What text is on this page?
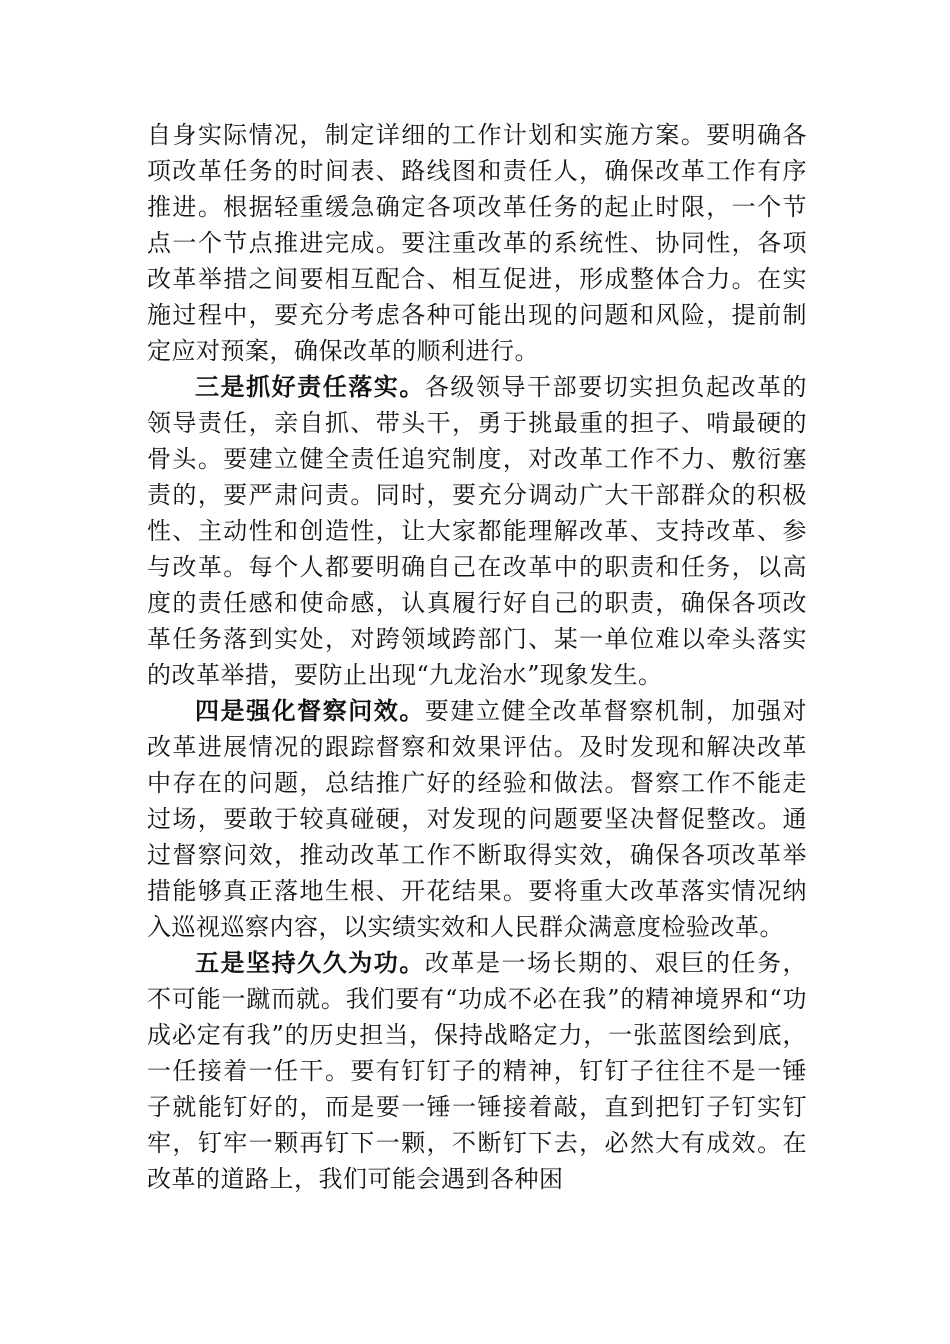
自身实际情况，制定详细的工作计划和实施方案。要明确各项改革任务的时间表、路线图和责任人，确保改革工作有序推进。根据轻重缓急确定各项改革任务的起止时限，一个节点一个节点推进完成。要注重改革的系统性、协同性，各项改革举措之间要相互配合、相互促进，形成整体合力。在实施过程中，要充分考虑各种可能出现的问题和风险，提前制定应对预案，确保改革的顺利进行。

三是抓好责任落实。各级领导干部要切实担负起改革的领导责任，亲自抓、带头干，勇于挑最重的担子、啃最硬的骨头。要建立健全责任追究制度，对改革工作不力、敷衍塞责的，要严肃问责。同时，要充分调动广大干部群众的积极性、主动性和创造性，让大家都能理解改革、支持改革、参与改革。每个人都要明确自己在改革中的职责和任务，以高度的责任感和使命感，认真履行好自己的职责，确保各项改革任务落到实处，对跨领域跨部门、某一单位难以牵头落实的改革举措，要防止出现“九龙治水”现象发生。

四是强化督察问效。要建立健全改革督察机制，加强对改革进展情况的跟踪督察和效果评估。及时发现和解决改革中存在的问题，总结推广好的经验和做法。督察工作不能走过场，要敢于较真碰硬，对发现的问题要坚决督促整改。通过督察问效，推动改革工作不断取得实效，确保各项改革举措能够真正落地生根、开花结果。要将重大改革落实情况纳入巡视巡察内容，以实绩实效和人民群众满意度检验改革。

五是坚持久久为功。改革是一场长期的、艰巨的任务，不可能一蹴而就。我们要有“功成不必在我”的精神境界和“功成必定有我”的历史担当，保持战略定力，一张蓝图绘到底，一任接着一任干。要有钉钉子的精神，钉钉子往往不是一锤子就能钉好的，而是要一锤一锤接着敲，直到把钉子钉实钉牢，钉牢一颗再钉下一颗，不断钉下去，必然大有成效。在改革的道路上，我们可能会遇到各种困
